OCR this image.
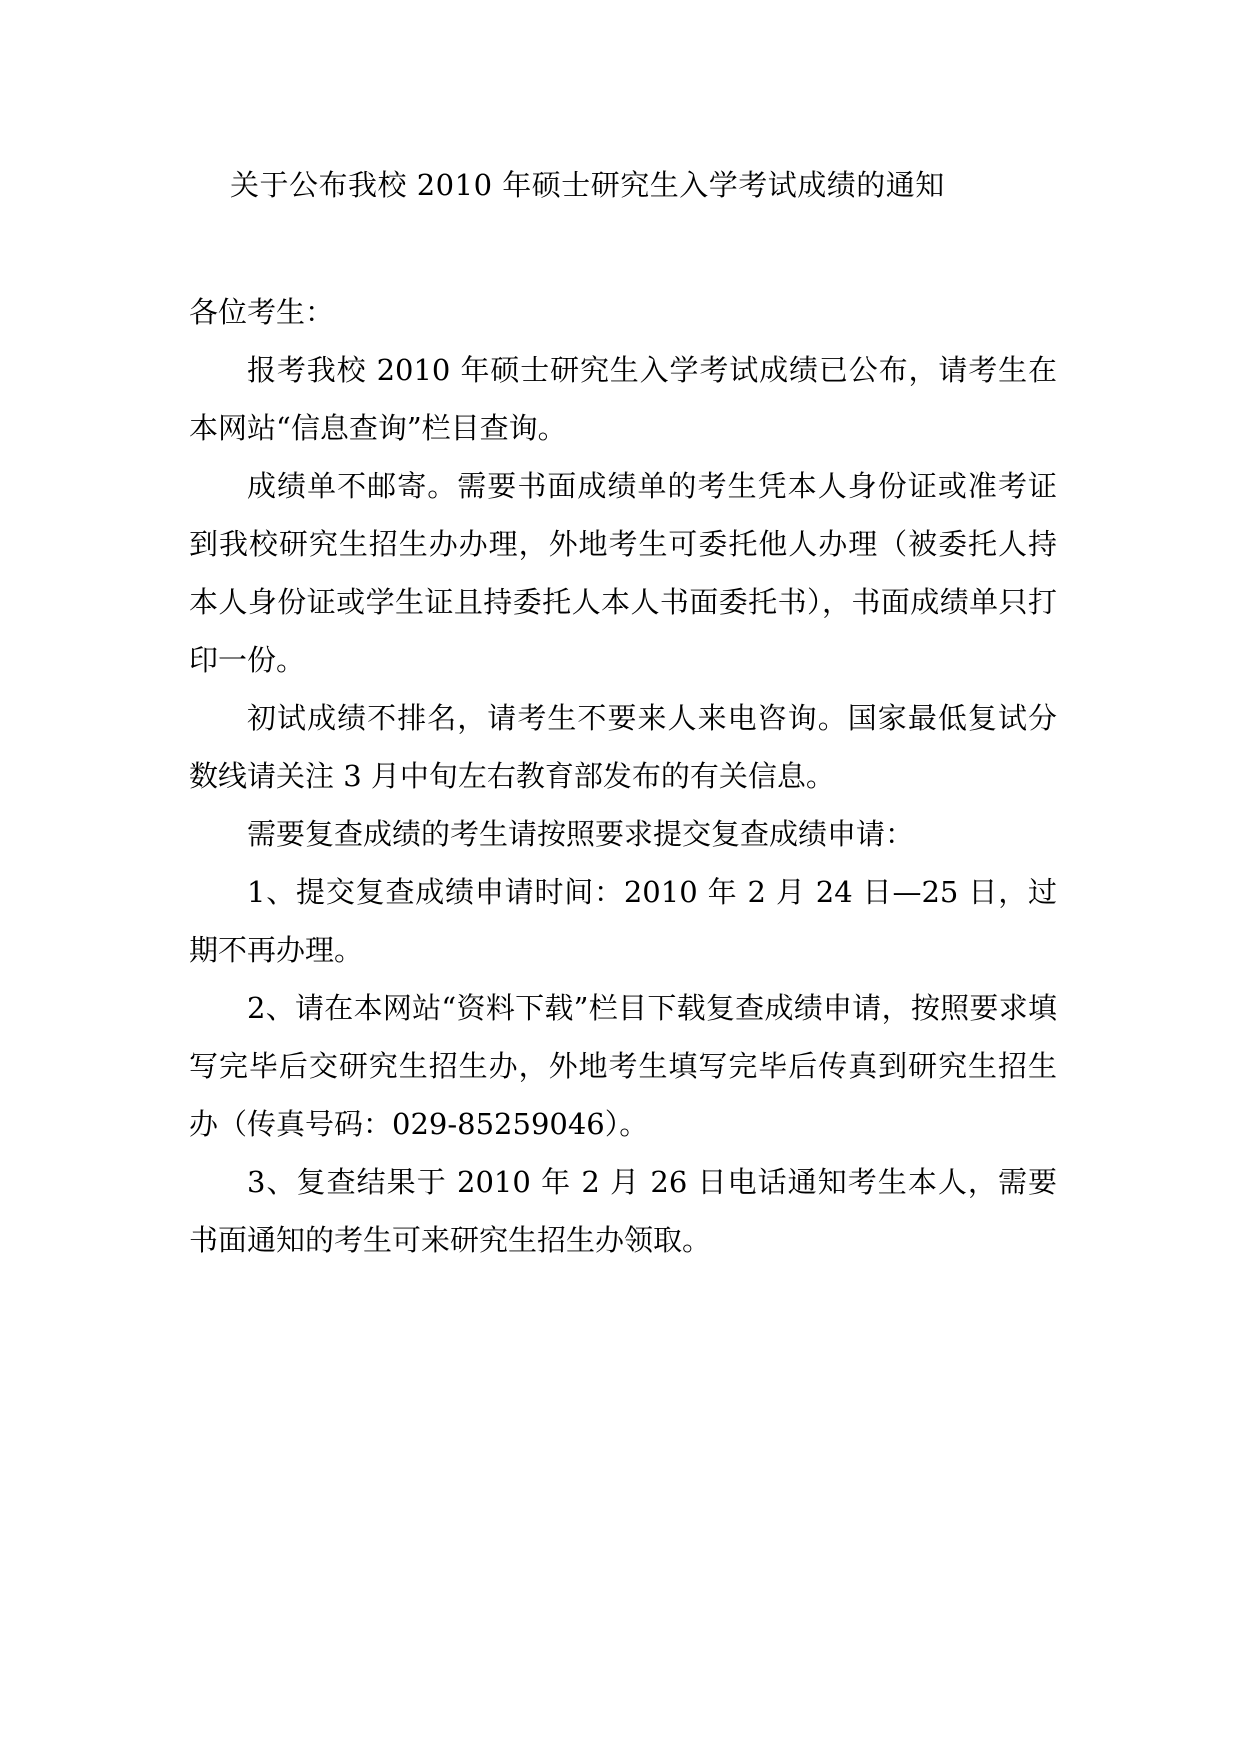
关于公布我校 2010 年硕士研究生入学考试成绩的通知

各位考生：

报考我校 2010 年硕士研究生入学考试成绩已公布，请考生在本网站“信息查询”栏目查询。

成绩单不邮寄。需要书面成绩单的考生凭本人身份证或准考证到我校研究生招生办办理，外地考生可委托他人办理（被委托人持本人身份证或学生证且持委托人本人书面委托书），书面成绩单只打印一份。

初试成绩不排名，请考生不要来人来电咨询。国家最低复试分数线请关注 3 月中旬左右教育部发布的有关信息。

需要复查成绩的考生请按照要求提交复查成绩申请：

1、提交复查成绩申请时间：2010 年 2 月 24 日—25 日，过期不再办理。

2、请在本网站“资料下载”栏目下载复查成绩申请，按照要求填写完毕后交研究生招生办，外地考生填写完毕后传真到研究生招生办（传真号码：029-85259046）。

3、复查结果于 2010 年 2 月 26 日电话通知考生本人，需要书面通知的考生可来研究生招生办领取。
